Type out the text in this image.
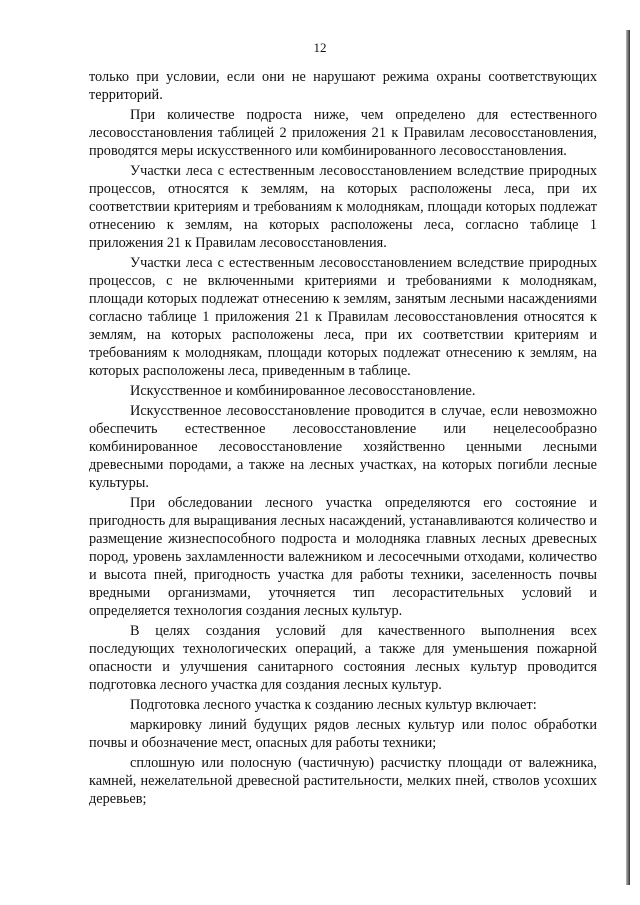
12

только при условии, если они не нарушают режима охраны соответствующих территорий.

При количестве подроста ниже, чем определено для естественного лесовосстановления таблицей 2 приложения 21 к Правилам лесовосстановления, проводятся меры искусственного или комбинированного лесовосстановления.

Участки леса с естественным лесовосстановлением вследствие природных процессов, относятся к землям, на которых расположены леса, при их соответствии критериям и требованиям к молоднякам, площади которых подлежат отнесению к землям, на которых расположены леса, согласно таблице 1 приложения 21 к Правилам лесовосстановления.

Участки леса с естественным лесовосстановлением вследствие природных процессов, с не включенными критериями и требованиями к молоднякам, площади которых подлежат отнесению к землям, занятым лесными насаждениями согласно таблице 1 приложения 21 к Правилам лесовосстановления относятся к землям, на которых расположены леса, при их соответствии критериям и требованиям к молоднякам, площади которых подлежат отнесению к землям, на которых расположены леса, приведенным в таблице.

Искусственное и комбинированное лесовосстановление.

Искусственное лесовосстановление проводится в случае, если невозможно обеспечить естественное лесовосстановление или нецелесообразно комбинированное лесовосстановление хозяйственно ценными лесными древесными породами, а также на лесных участках, на которых погибли лесные культуры.

При обследовании лесного участка определяются его состояние и пригодность для выращивания лесных насаждений, устанавливаются количество и размещение жизнеспособного подроста и молодняка главных лесных древесных пород, уровень захламленности валежником и лесосечными отходами, количество и высота пней, пригодность участка для работы техники, заселенность почвы вредными организмами, уточняется тип лесорастительных условий и определяется технология создания лесных культур.

В целях создания условий для качественного выполнения всех последующих технологических операций, а также для уменьшения пожарной опасности и улучшения санитарного состояния лесных культур проводится подготовка лесного участка для создания лесных культур.

Подготовка лесного участка к созданию лесных культур включает:

маркировку линий будущих рядов лесных культур или полос обработки почвы и обозначение мест, опасных для работы техники;

сплошную или полосную (частичную) расчистку площади от валежника, камней, нежелательной древесной растительности, мелких пней, стволов усохших деревьев;
